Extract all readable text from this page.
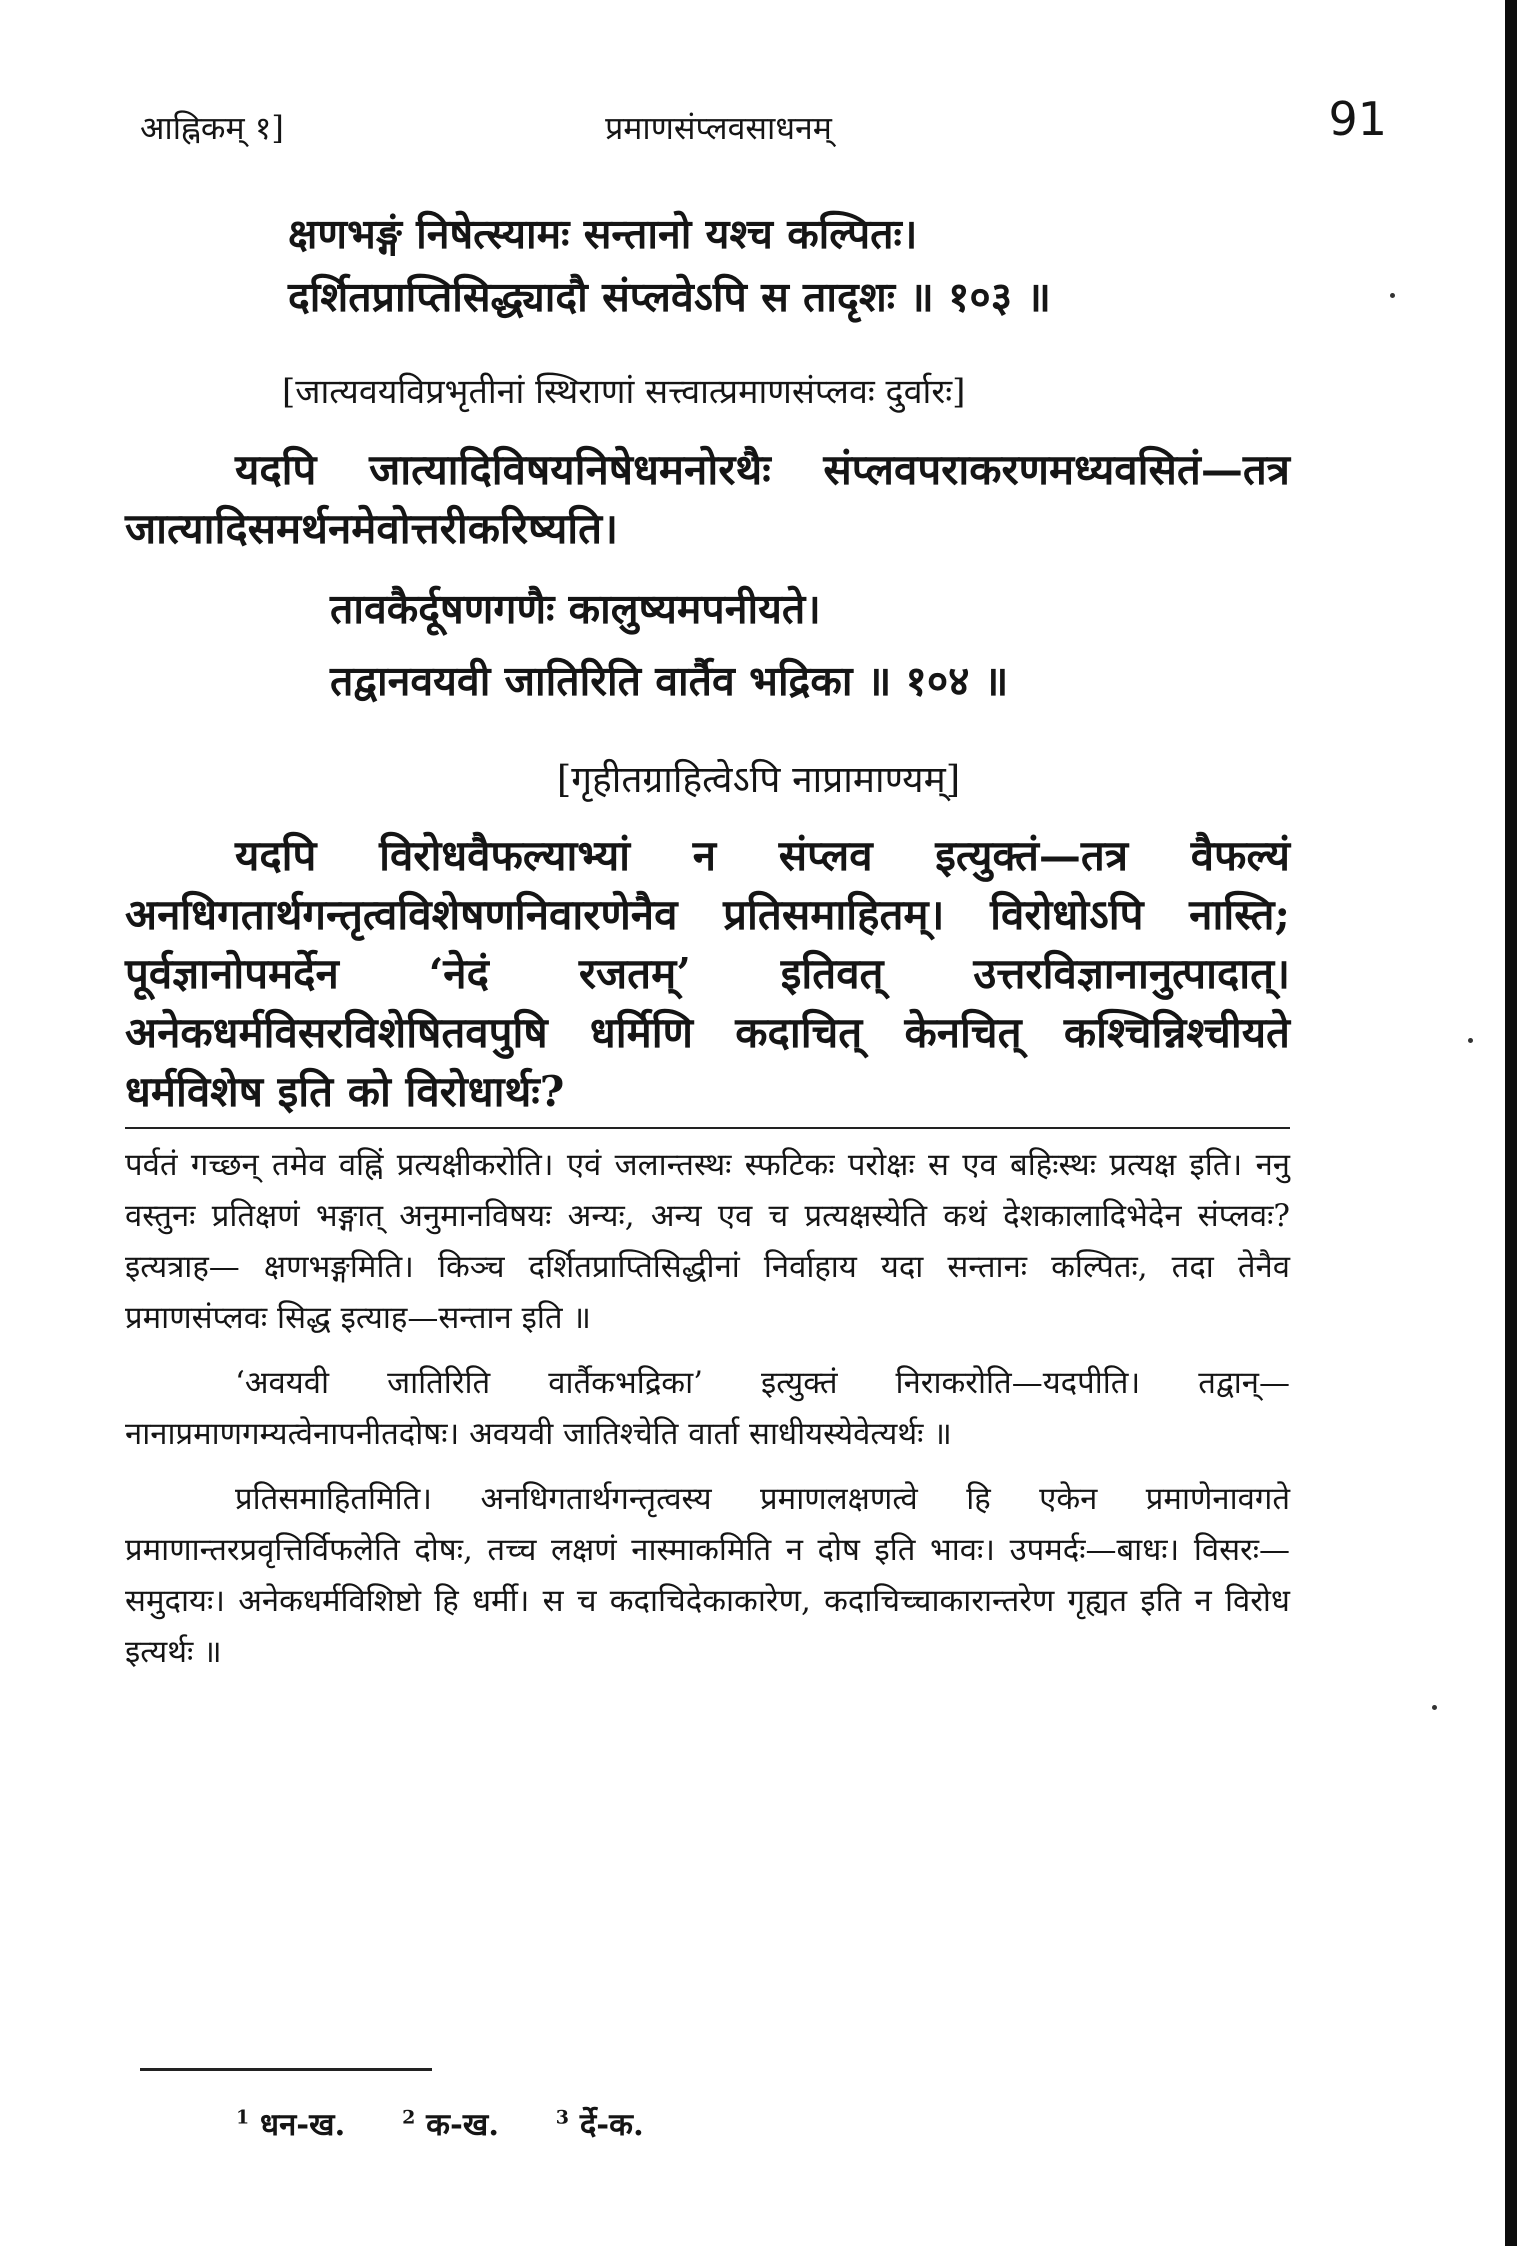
आह्निकम् १]	प्रमाणसंप्लवसाधनम्	91
क्षणभङ्गं निषेत्स्यामः सन्तानो यश्च कल्पितः।
दर्शितप्राप्तिसिद्ध्यादौ संप्लवेऽपि स तादृशः ॥ १०३ ॥
[जात्यवयविप्रभृतीनां स्थिराणां सत्त्वात्प्रमाणसंप्लवः दुर्वारः]

यदपि जात्यादिविषयनिषेधमनोरथैः संप्लवपराकरणमध्यवसितं—तत्र जात्यादिसमर्थनमेवोत्तरीकरिष्यति।

तावकैर्दूषणगणैः कालुष्यमपनीयते।
तद्वानवयवी जातिरिति वार्तैव भद्रिका ॥ १०४ ॥
[गृहीतग्राहित्वेऽपि नाप्रामाण्यम्]

यदपि विरोधवैफल्याभ्यां न संप्लव इत्युक्तं—तत्र वैफल्यं अनधिगतार्थगन्तृत्वविशेषणनिवारणेनैव प्रतिसमाहितम्। विरोधोऽपि नास्ति; पूर्वज्ञानोपमर्देन ‘नेदं रजतम्’ इतिवत् उत्तरविज्ञानानुत्पादात्। अनेकधर्मविसरविशेषितवपुषि धर्मिणि कदाचित् केनचित् कश्चिन्निश्चीयते धर्मविशेष इति को विरोधार्थः?

पर्वतं गच्छन् तमेव वह्निं प्रत्यक्षीकरोति। एवं जलान्तस्थः स्फटिकः परोक्षः स एव बहिःस्थः प्रत्यक्ष इति। ननु वस्तुनः प्रतिक्षणं भङ्गात् अनुमानविषयः अन्यः, अन्य एव च प्रत्यक्षस्येति कथं देशकालादिभेदेन संप्लवः? इत्यत्राह— क्षणभङ्गमिति। किञ्च दर्शितप्राप्तिसिद्धीनां निर्वाहाय यदा सन्तानः कल्पितः, तदा तेनैव प्रमाणसंप्लवः सिद्ध इत्याह—सन्तान इति ॥

‘अवयवी जातिरिति वार्तैकभद्रिका’ इत्युक्तं निराकरोति—यदपीति। तद्वान्—नानाप्रमाणगम्यत्वेनापनीतदोषः। अवयवी जातिश्चेति वार्ता साधीयस्येवेत्यर्थः ॥

प्रतिसमाहितमिति। अनधिगतार्थगन्तृत्वस्य प्रमाणलक्षणत्वे हि एकेन प्रमाणेनावगते प्रमाणान्तरप्रवृत्तिर्विफलेति दोषः, तच्च लक्षणं नास्माकमिति न दोष इति भावः। उपमर्दः—बाधः। विसरः—समुदायः। अनेकधर्मविशिष्टो हि धर्मी। स च कदाचिदेकाकारेण, कदाचिच्चाकारान्तरेण गृह्यत इति न विरोध इत्यर्थः ॥

$^1$ धन-ख.	$^2$ क-ख.	$^3$ र्दे-क.
